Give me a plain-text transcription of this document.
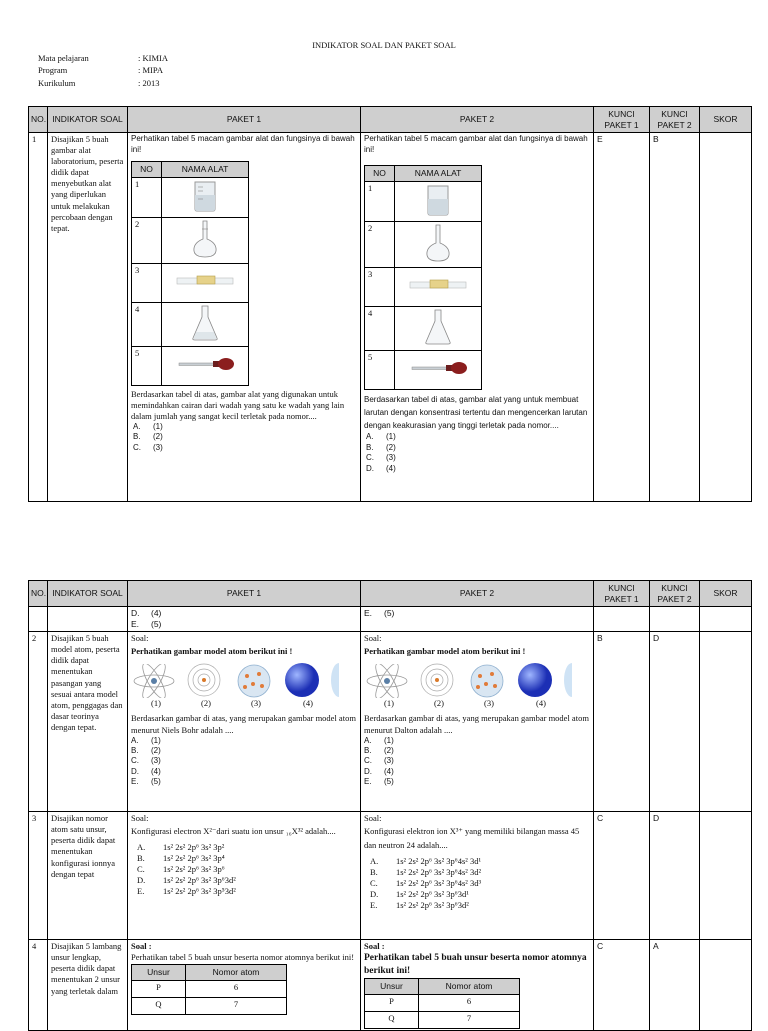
INDIKATOR SOAL DAN PAKET SOAL
Mata pelajaran	: KIMIA
Program	: MIPA
Kurikulum	: 2013
NO.	INDIKATOR SOAL	PAKET 1	PAKET 2	KUNCI PAKET 1	KUNCI PAKET 2	SKOR
1	Disajikan 5 buah gambar alat laboratorium, peserta didik dapat menyebutkan alat yang diperlukan untuk melakukan percobaan dengan tepat.	
Perhatikan tabel 5 macam gambar alat dan fungsinya di bawah ini!
NO	NAMA ALAT
1	
2	
3	
4	
5	
Berdasarkan tabel di atas, gambar alat yang digunakan untuk memindahkan cairan dari wadah yang satu ke wadah yang lain dalam jumlah yang sangat kecil terletak pada nomor....
A.	(1)
B.	(2)
C.	(3)

Perhatikan tabel 5 macam gambar alat dan fungsinya di bawah ini!
NO	NAMA ALAT
1	
2	
3	
4	
5	
Berdasarkan tabel di atas, gambar alat yang untuk membuat larutan dengan konsentrasi tertentu dan mengencerkan larutan dengan keakurasian yang tinggi terletak pada nomor....
A.	(1)
B.	(2)
C.	(3)
D.	(4)
	E	B	
NO.	INDIKATOR SOAL	PAKET 1	PAKET 2	KUNCI PAKET 1	KUNCI PAKET 2	SKOR

D.	(4)
E.	(5)

E.	(5)

2	Disajikan 5 buah model atom, peserta didik dapat menentukan pasangan yang sesuai antara model atom, penggagas dan dasar teorinya dengan tepat.	
Soal:
Perhatikan gambar model atom berikut ini !
(1)	(2)	(3)	(4)
Berdasarkan gambar di atas, yang merupakan gambar model atom menurut Niels Bohr adalah ....
A.	(1)
B.	(2)
C.	(3)
D.	(4)
E.	(5)

Soal:
Perhatikan gambar model atom berikut ini !
(1)	(2)	(3)	(4)
Berdasarkan gambar di atas, yang merupakan gambar model atom menurut Dalton adalah ....
A.	(1)
B.	(2)
C.	(3)
D.	(4)
E.	(5)
	B	D	
3	Disajikan nomor atom satu unsur, peserta didik dapat menentukan konfigurasi ionnya dengan tepat	
Soal:
Konfigurasi electron X²⁻dari suatu ion unsur ₁₆X³² adalah....
A.	1s² 2s² 2p⁶ 3s² 3p²
B.	1s² 2s² 2p⁶ 3s² 3p⁴
C.	1s² 2s² 2p⁶ 3s² 3p⁶
D.	1s² 2s² 2p⁶ 3s² 3p⁶3d²
E.	1s² 2s² 2p⁶ 3s² 3p⁵3d²

Soal:
Konfigurasi elektron ion X³⁺ yang memiliki bilangan massa 45 dan neutron 24 adalah....
A.	1s² 2s² 2p⁶ 3s² 3p⁶4s² 3d¹
B.	1s² 2s² 2p⁶ 3s² 3p⁶4s² 3d²
C.	1s² 2s² 2p⁶ 3s² 3p⁶4s² 3d³
D.	1s² 2s² 2p⁶ 3s² 3p⁶3d¹
E.	1s² 2s² 2p⁶ 3s² 3p⁶3d²
	C	D	
4	Disajikan 5 lambang unsur lengkap, peserta didik dapat menentukan 2 unsur yang terletak dalam	
Soal :
Perhatikan tabel 5 buah unsur beserta nomor atomnya berikut ini!
Unsur	Nomor atom
P	6
Q	7

Soal :
Perhatikan tabel 5 buah unsur beserta nomor atomnya berikut ini!
Unsur	Nomor atom
P	6
Q	7
	C	A	
